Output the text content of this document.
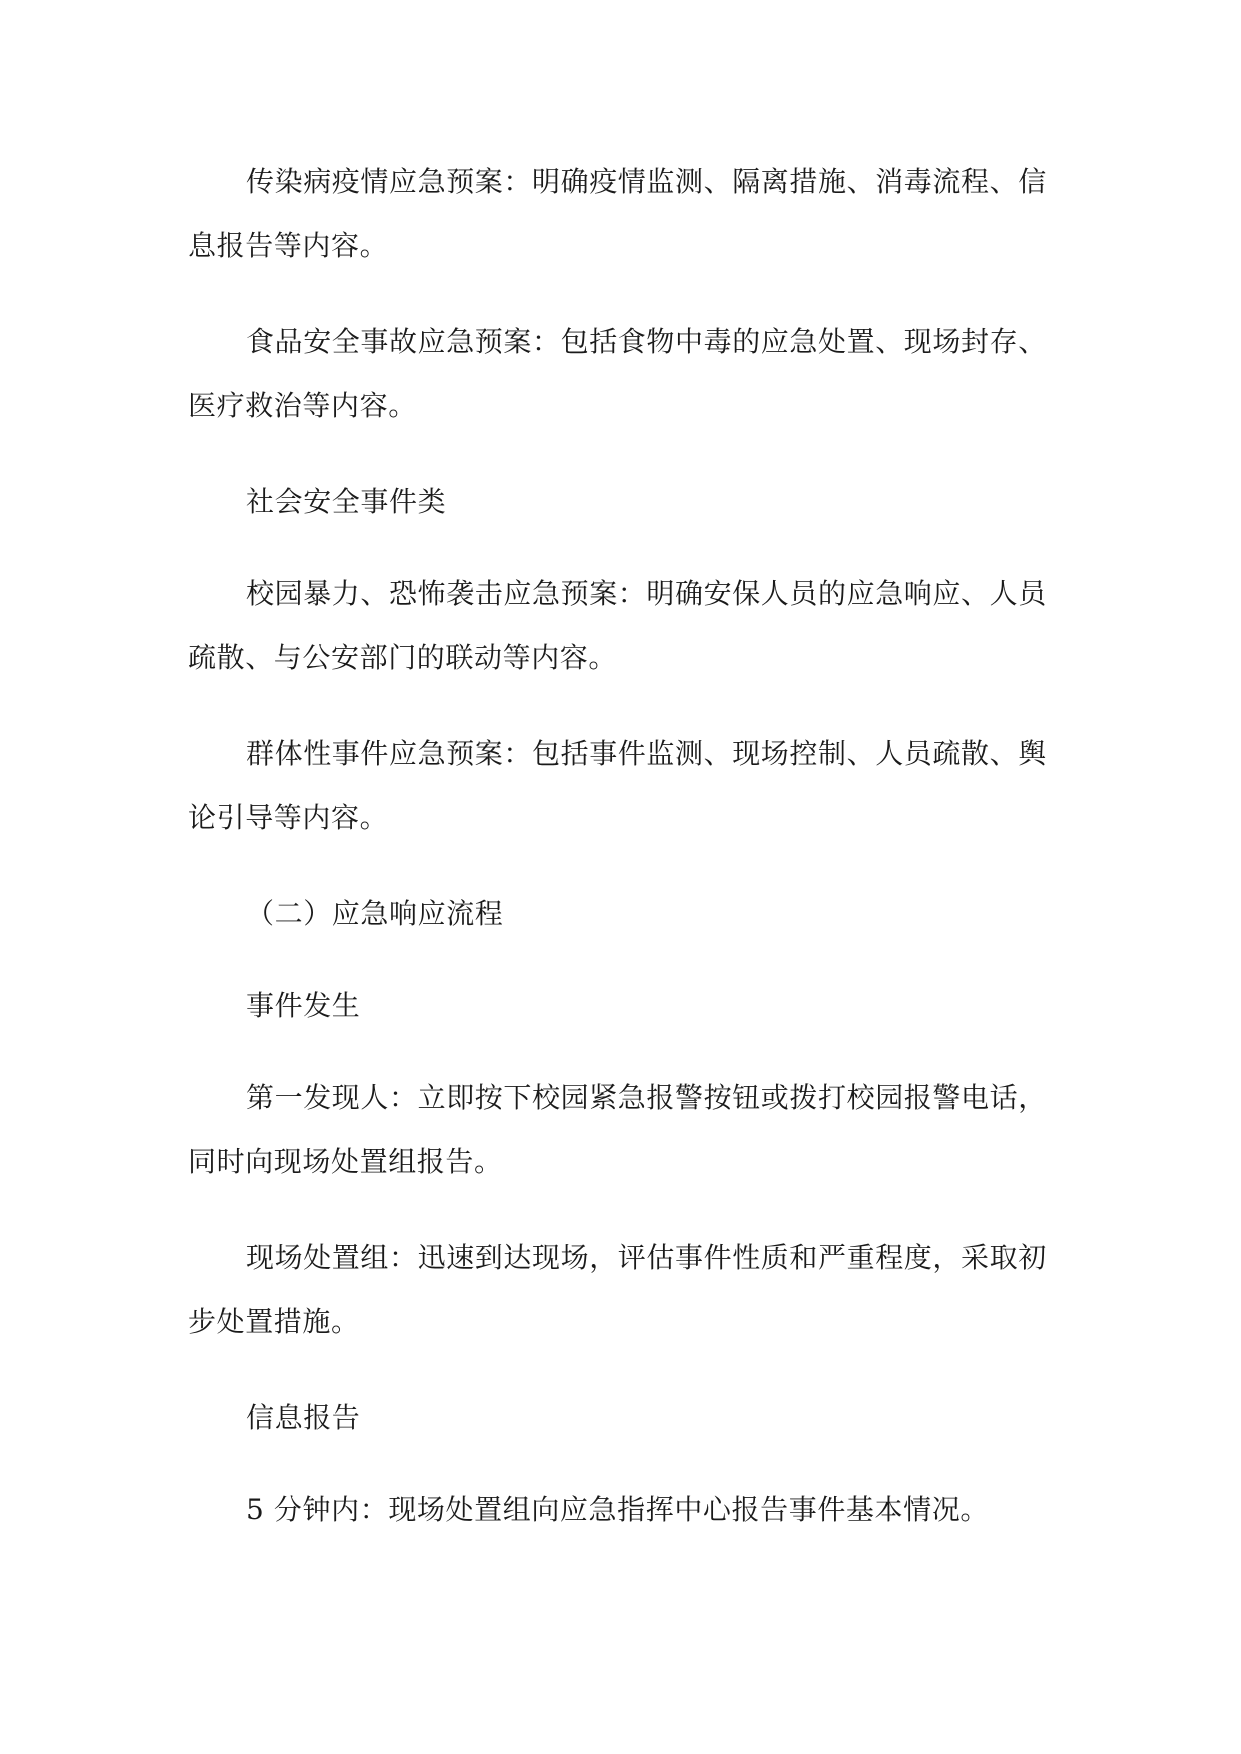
传染病疫情应急预案：明确疫情监测、隔离措施、消毒流程、信息报告等内容。

食品安全事故应急预案：包括食物中毒的应急处置、现场封存、医疗救治等内容。

社会安全事件类

校园暴力、恐怖袭击应急预案：明确安保人员的应急响应、人员疏散、与公安部门的联动等内容。

群体性事件应急预案：包括事件监测、现场控制、人员疏散、舆论引导等内容。

（二）应急响应流程

事件发生

第一发现人：立即按下校园紧急报警按钮或拨打校园报警电话，同时向现场处置组报告。

现场处置组：迅速到达现场，评估事件性质和严重程度，采取初步处置措施。

信息报告

5 分钟内：现场处置组向应急指挥中心报告事件基本情况。
